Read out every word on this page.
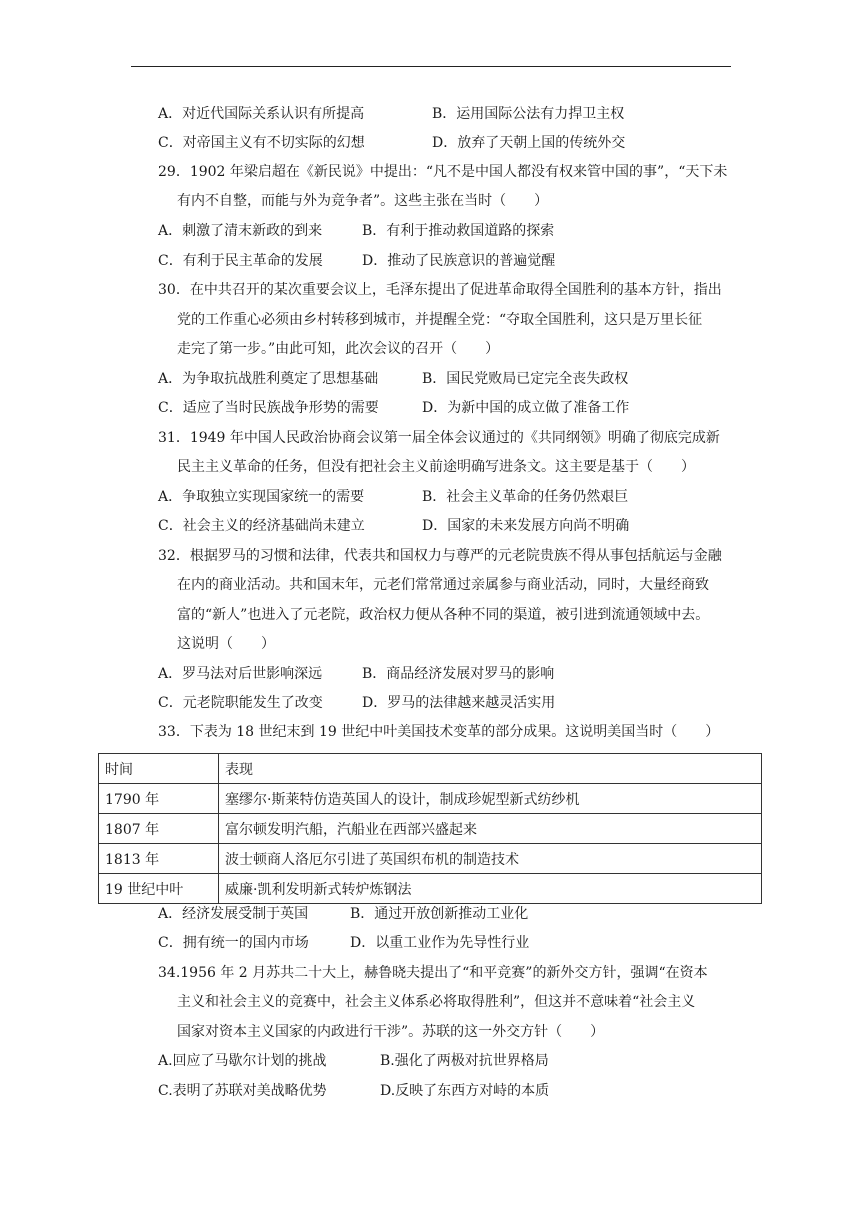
A．对近代国际关系认识有所提高	B．运用国际公法有力捍卫主权
C．对帝国主义有不切实际的幻想	D．放弃了天朝上国的传统外交
29．1902 年梁启超在《新民说》中提出：“凡不是中国人都没有权来管中国的事”，“天下未
有内不自整，而能与外为竞争者”。这些主张在当时（　　）
A．刺激了清末新政的到来	B．有利于推动救国道路的探索
C．有利于民主革命的发展	D．推动了民族意识的普遍觉醒
30．在中共召开的某次重要会议上，毛泽东提出了促进革命取得全国胜利的基本方针，指出
党的工作重心必须由乡村转移到城市，并提醒全党：“夺取全国胜利，这只是万里长征
走完了第一步。”由此可知，此次会议的召开（　　）
A．为争取抗战胜利奠定了思想基础	B．国民党败局已定完全丧失政权
C．适应了当时民族战争形势的需要	D．为新中国的成立做了准备工作
31．1949 年中国人民政治协商会议第一届全体会议通过的《共同纲领》明确了彻底完成新
民主主义革命的任务，但没有把社会主义前途明确写进条文。这主要是基于（　　）
A．争取独立实现国家统一的需要	B．社会主义革命的任务仍然艰巨
C．社会主义的经济基础尚未建立	D．国家的未来发展方向尚不明确
32．根据罗马的习惯和法律，代表共和国权力与尊严的元老院贵族不得从事包括航运与金融
在内的商业活动。共和国末年，元老们常常通过亲属参与商业活动，同时，大量经商致
富的“新人”也进入了元老院，政治权力便从各种不同的渠道，被引进到流通领域中去。
这说明（　　）
A．罗马法对后世影响深远	B．商品经济发展对罗马的影响
C．元老院职能发生了改变	D．罗马的法律越来越灵活实用
33．下表为 18 世纪末到 19 世纪中叶美国技术变革的部分成果。这说明美国当时（　　）
时间	表现
1790 年	塞缪尔·斯莱特仿造英国人的设计，制成珍妮型新式纺纱机
1807 年	富尔顿发明汽船，汽船业在西部兴盛起来
1813 年	波士顿商人洛厄尔引进了英国织布机的制造技术
19 世纪中叶	威廉·凯利发明新式转炉炼钢法
A．经济发展受制于英国	B．通过开放创新推动工业化
C．拥有统一的国内市场	D．以重工业作为先导性行业
34.1956 年 2 月苏共二十大上，赫鲁晓夫提出了“和平竞赛”的新外交方针，强调“在资本
主义和社会主义的竞赛中，社会主义体系必将取得胜利”，但这并不意味着“社会主义
国家对资本主义国家的内政进行干涉”。苏联的这一外交方针（　　）
A.回应了马歇尔计划的挑战	B.强化了两极对抗世界格局
C.表明了苏联对美战略优势	D.反映了东西方对峙的本质
